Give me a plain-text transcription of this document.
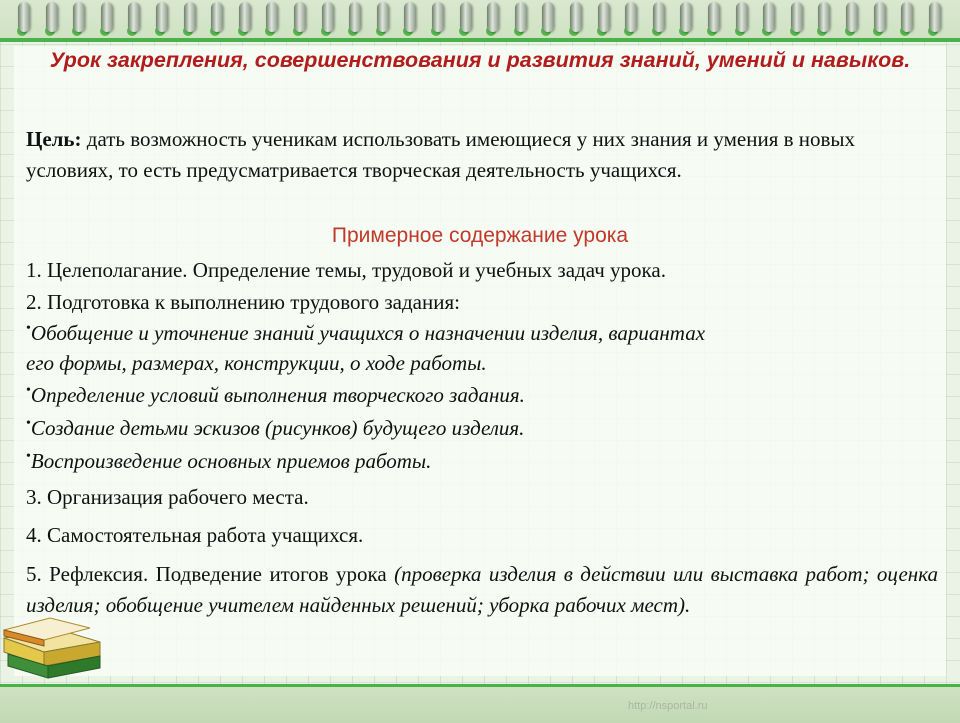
Урок закрепления, совершенствования и развития знаний, умений и навыков.
Цель: дать возможность ученикам использовать имеющиеся у них знания и умения в новых условиях, то есть предусматривается творческая деятельность учащихся.
Примерное содержание урока
1. Целеполагание. Определение темы, трудовой и учебных задач урока.
2. Подготовка к выполнению трудового задания:
•Обобщение и уточнение знаний учащихся о назначении изделия, вариантах
его формы, размерах, конструкции, о ходе работы.
•Определение условий выполнения творческого задания.
•Создание детьми эскизов (рисунков) будущего изделия.
•Воспроизведение основных приемов работы.
3. Организация рабочего места.
4. Самостоятельная работа учащихся.
5. Рефлексия. Подведение итогов урока (проверка изделия в действии или выставка работ; оценка изделия; обобщение учителем найденных решений; уборка рабочих мест).
http://nsportal.ru
